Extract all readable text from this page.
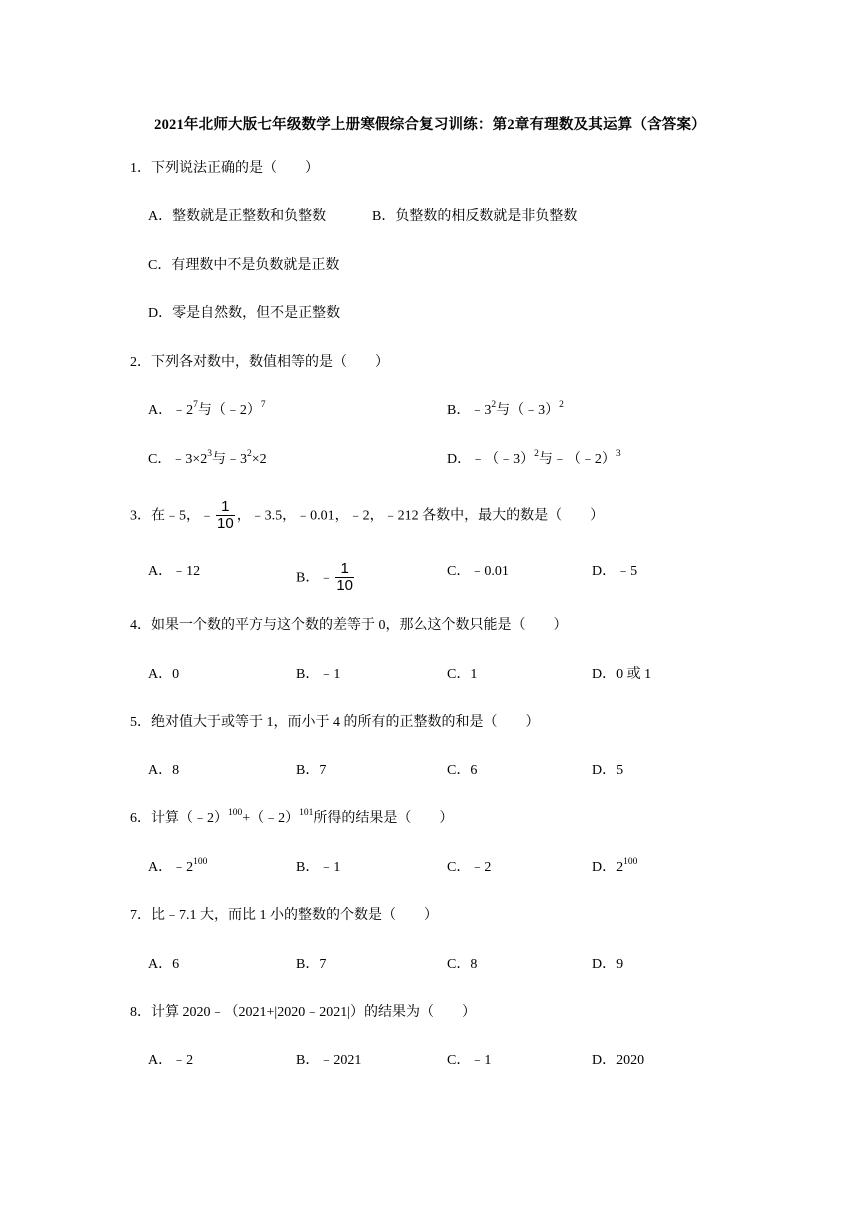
2021年北师大版七年级数学上册寒假综合复习训练：第2章有理数及其运算（含答案）
1．下列说法正确的是（　　）
A．整数就是正整数和负整数	B．负整数的相反数就是非负整数
C．有理数中不是负数就是正数
D．零是自然数，但不是正整数
2．下列各对数中，数值相等的是（　　）
A．$﹣2^7$与（﹣2）$^7$	B．$﹣3^2$与（﹣3）$^2$
C．$﹣3\times 2^3$与$﹣3^2\times 2$	D．﹣（﹣3）$^2$与﹣（﹣2）$^3$
3．在﹣5，﹣ $\frac{1}{10}$ ，﹣3.5，﹣0.01，﹣2，﹣212 各数中，最大的数是（　　）
A．﹣12	B．﹣ $\frac{1}{10}$	C．﹣0.01	D．﹣5
4．如果一个数的平方与这个数的差等于 0，那么这个数只能是（　　）
A．0	B．﹣1	C．1	D．0 或 1
5．绝对值大于或等于 1，而小于 4 的所有的正整数的和是（　　）
A．8	B．7	C．6	D．5
6．计算（﹣2）$^{100}$+（﹣2）$^{101}$所得的结果是（　　）
A．$﹣2^{100}$	B．﹣1	C．﹣2	D．$2^{100}$
7．比﹣7.1 大，而比 1 小的整数的个数是（　　）
A．6	B．7	C．8	D．9
8．计算 2020﹣（2021+|2020﹣2021|）的结果为（　　）
A．﹣2	B．﹣2021	C．﹣1	D．2020
